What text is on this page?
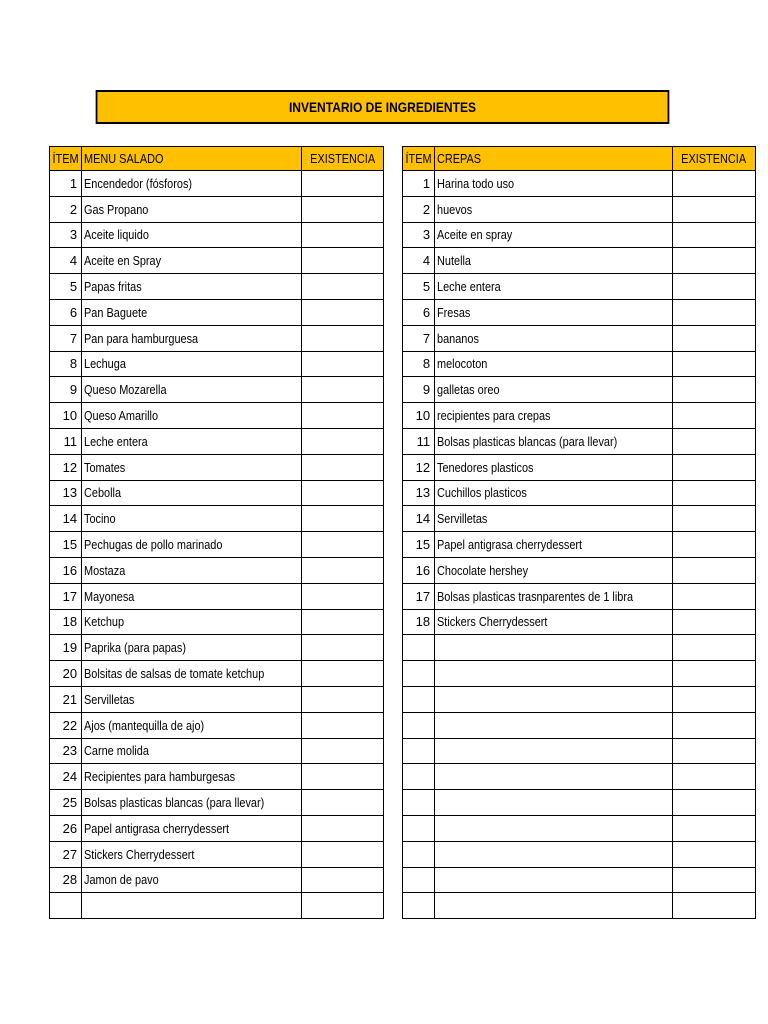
INVENTARIO DE INGREDIENTES
ÍTEM	MENU SALADO	EXISTENCIA
1	Encendedor (fósforos)	
2	Gas Propano	
3	Aceite liquido	
4	Aceite en Spray	
5	Papas fritas	
6	Pan Baguete	
7	Pan para hamburguesa	
8	Lechuga	
9	Queso Mozarella	
10	Queso Amarillo	
11	Leche entera	
12	Tomates	
13	Cebolla	
14	Tocino	
15	Pechugas de pollo marinado	
16	Mostaza	
17	Mayonesa	
18	Ketchup	
19	Paprika (para papas)	
20	Bolsitas de salsas de tomate ketchup	
21	Servilletas	
22	Ajos (mantequilla de ajo)	
23	Carne molida	
24	Recipientes para hamburgesas	
25	Bolsas plasticas blancas (para llevar)	
26	Papel antigrasa cherrydessert	
27	Stickers Cherrydessert	
28	Jamon de pavo	

ÍTEM	CREPAS	EXISTENCIA
1	Harina todo uso	
2	huevos	
3	Aceite en spray	
4	Nutella	
5	Leche entera	
6	Fresas	
7	bananos	
8	melocoton	
9	galletas oreo	
10	recipientes para crepas	
11	Bolsas plasticas blancas (para llevar)	
12	Tenedores plasticos	
13	Cuchillos plasticos	
14	Servilletas	
15	Papel antigrasa cherrydessert	
16	Chocolate hershey	
17	Bolsas plasticas trasnparentes de 1 libra	
18	Stickers Cherrydessert	
